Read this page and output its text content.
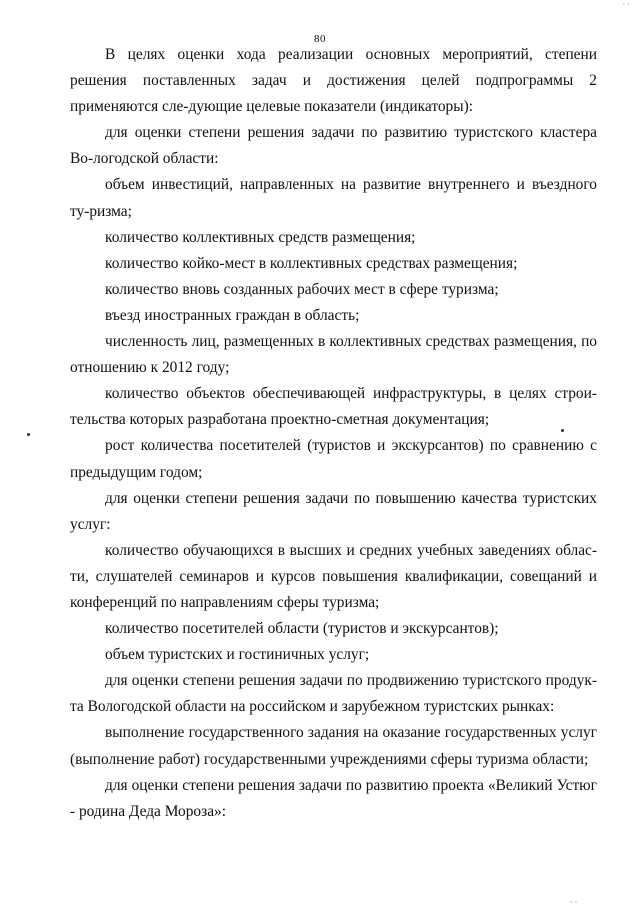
· ·
80

В целях оценки хода реализации основных мероприятий, степени решения поставленных задач и достижения целей подпрограммы 2 применяются сле-дующие целевые показатели (индикаторы):

для оценки степени решения задачи по развитию туристского кластера Во-логодской области:

объем инвестиций, направленных на развитие внутреннего и въездного ту-ризма;

количество коллективных средств размещения;

количество койко-мест в коллективных средствах размещения;

количество вновь созданных рабочих мест в сфере туризма;

въезд иностранных граждан в область;

численность лиц, размещенных в коллективных средствах размещения, по отношению к 2012 году;

количество объектов обеспечивающей инфраструктуры, в целях строи-тельства которых разработана проектно-сметная документация;

рост количества посетителей (туристов и экскурсантов) по сравнению с предыдущим годом;

для оценки степени решения задачи по повышению качества туристских услуг:

количество обучающихся в высших и средних учебных заведениях облас-ти, слушателей семинаров и курсов повышения квалификации, совещаний и конференций по направлениям сферы туризма;

количество посетителей области (туристов и экскурсантов);

объем туристских и гостиничных услуг;

для оценки степени решения задачи по продвижению туристского продук-та Вологодской области на российском и зарубежном туристских рынках:

выполнение государственного задания на оказание государственных услуг (выполнение работ) государственными учреждениями сферы туризма области;

для оценки степени решения задачи по развитию проекта «Великий Устюг - родина Деда Мороза»:

· ·
